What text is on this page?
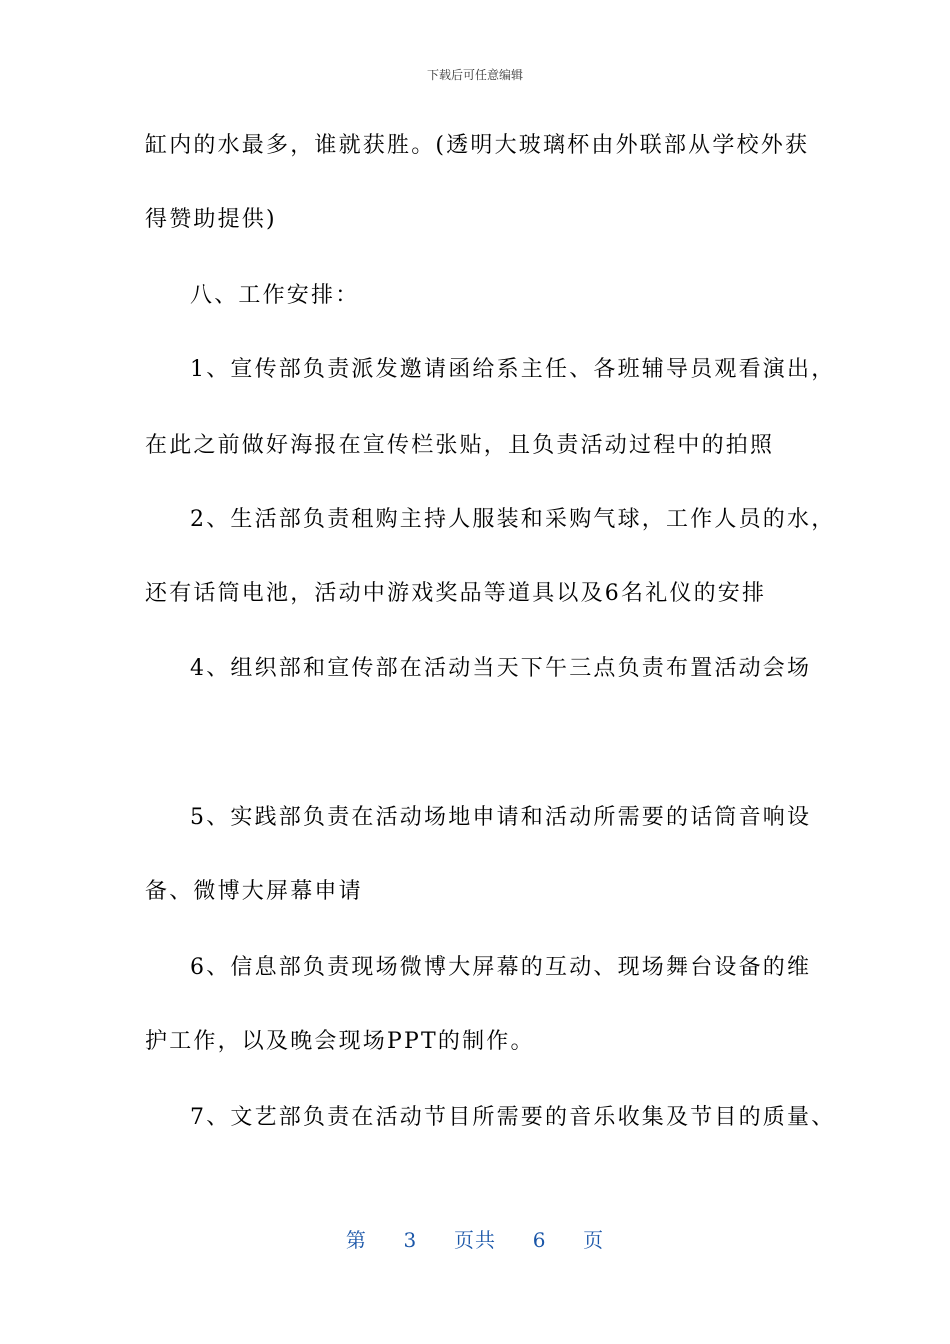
下载后可任意编辑
缸内的水最多，谁就获胜。(透明大玻璃杯由外联部从学校外获
得赞助提供)
八、工作安排：
1、宣传部负责派发邀请函给系主任、各班辅导员观看演出，
在此之前做好海报在宣传栏张贴，且负责活动过程中的拍照
2、生活部负责租购主持人服装和采购气球，工作人员的水，
还有话筒电池，活动中游戏奖品等道具以及6名礼仪的安排
4、组织部和宣传部在活动当天下午三点负责布置活动会场
5、实践部负责在活动场地申请和活动所需要的话筒音响设
备、微博大屏幕申请
6、信息部负责现场微博大屏幕的互动、现场舞台设备的维
护工作，以及晚会现场PPT的制作。
7、文艺部负责在活动节目所需要的音乐收集及节目的质量、
第 3 页共 6 页
